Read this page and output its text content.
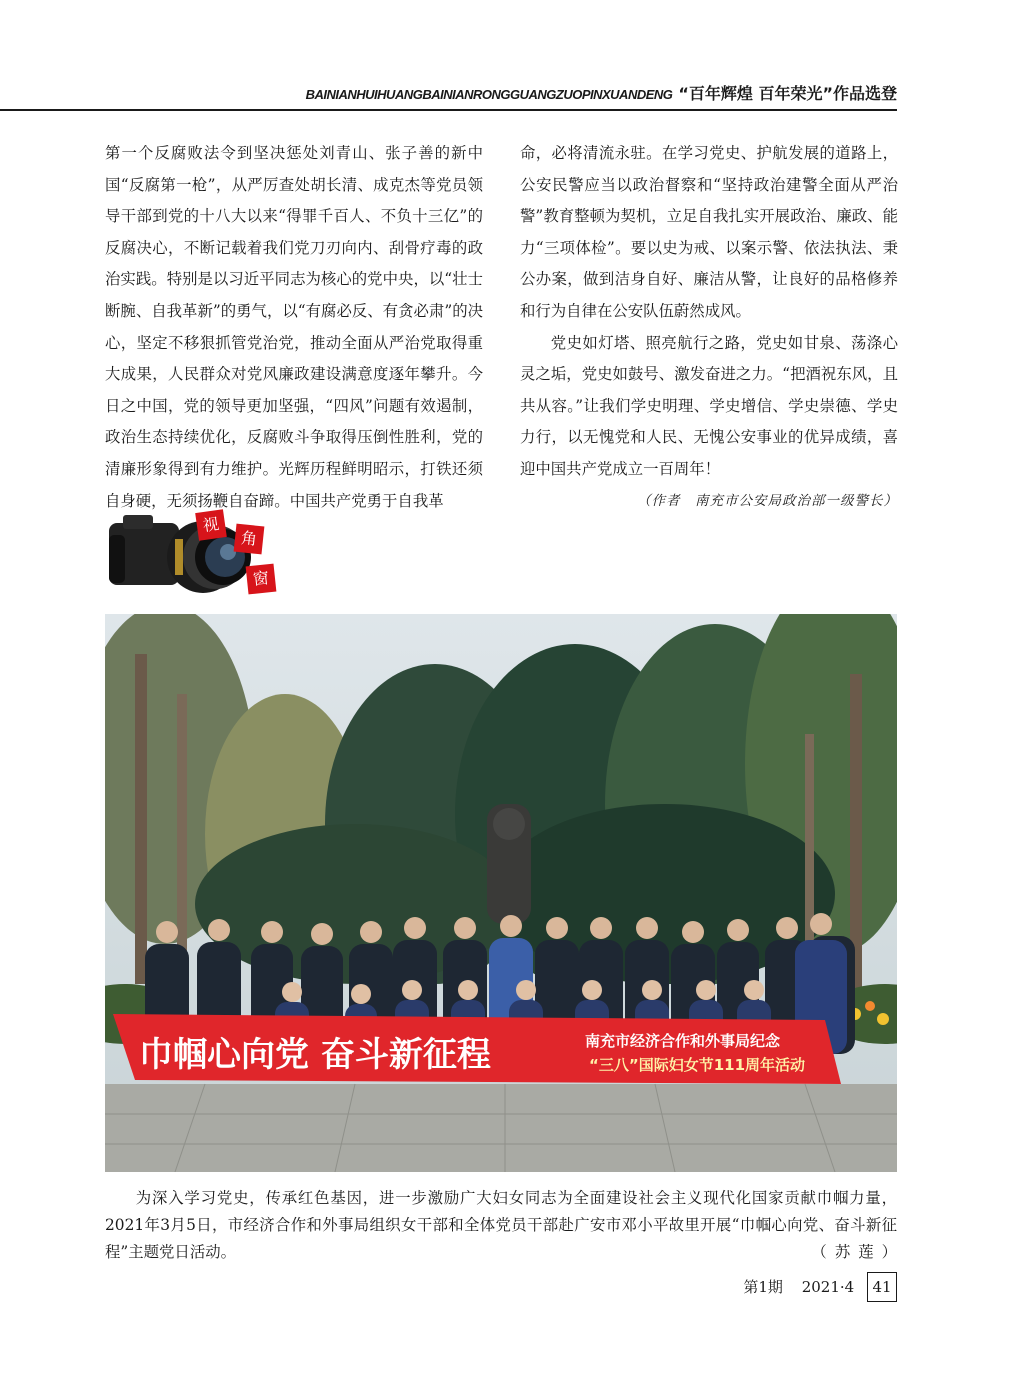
BAINIANHUIHUANGBAINIANRONGGUANGZUOPINXUANDENG “百年辉煌 百年荣光”作品选登

第一个反腐败法令到坚决惩处刘青山、张子善的新中国“反腐第一枪”，从严厉查处胡长清、成克杰等党员领导干部到党的十八大以来“得罪千百人、不负十三亿”的反腐决心，不断记载着我们党刀刃向内、刮骨疗毒的政治实践。特别是以习近平同志为核心的党中央，以“壮士断腕、自我革新”的勇气，以“有腐必反、有贪必肃”的决心，坚定不移狠抓管党治党，推动全面从严治党取得重大成果，人民群众对党风廉政建设满意度逐年攀升。今日之中国，党的领导更加坚强，“四风”问题有效遏制，政治生态持续优化，反腐败斗争取得压倒性胜利，党的清廉形象得到有力维护。光辉历程鲜明昭示，打铁还须自身硬，无须扬鞭自奋蹄。中国共产党勇于自我革

命，必将清流永驻。在学习党史、护航发展的道路上，公安民警应当以政治督察和“坚持政治建警全面从严治警”教育整顿为契机，立足自我扎实开展政治、廉政、能力“三项体检”。要以史为戒、以案示警、依法执法、秉公办案，做到洁身自好、廉洁从警，让良好的品格修养和行为自律在公安队伍蔚然成风。

党史如灯塔、照亮航行之路，党史如甘泉、荡涤心灵之垢，党史如鼓号、激发奋进之力。“把酒祝东风，且共从容。”让我们学史明理、学史增信、学史崇德、学史力行，以无愧党和人民、无愧公安事业的优异成绩，喜迎中国共产党成立一百周年！

（作者　南充市公安局政治部一级警长）

视
角
窗
巾帼心向党 奋斗新征程	南充市经济合作和外事局纪念
“三八”国际妇女节111周年活动

为深入学习党史，传承红色基因，进一步激励广大妇女同志为全面建设社会主义现代化国家贡献巾帼力量，2021年3月5日，市经济合作和外事局组织女干部和全体党员干部赴广安市邓小平故里开展“巾帼心向党、奋斗新征程”主题党日活动。	（苏莲）

第1期 2021·4 41
